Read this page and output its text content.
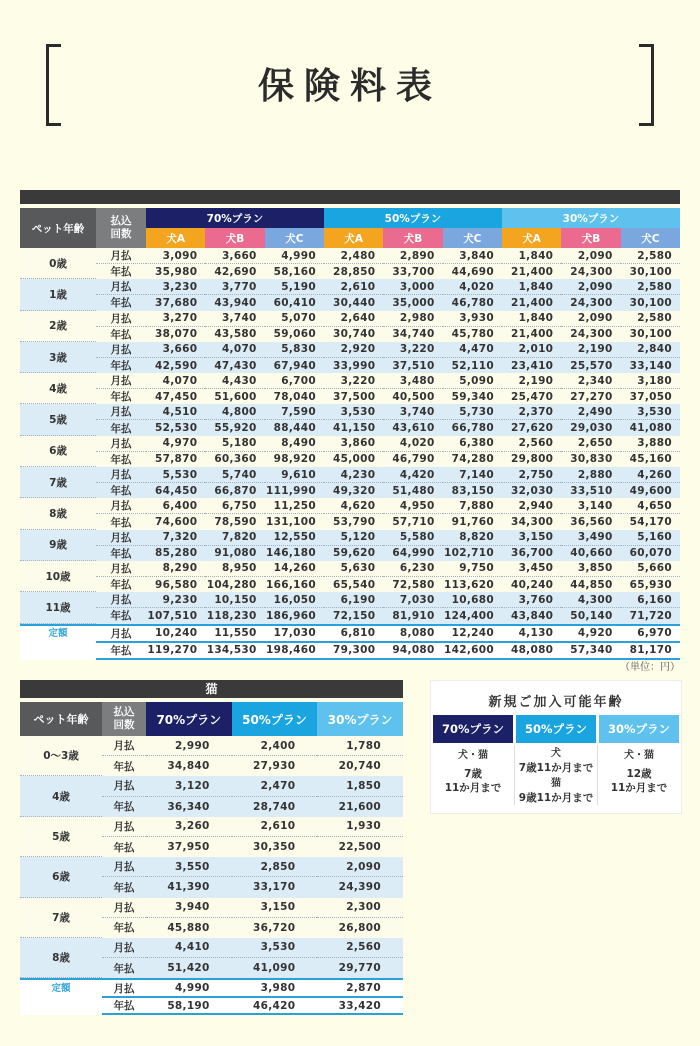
保険料表
ペット年齢	払込
回数	70%プラン			50%プラン			30%プラン		
		犬A	犬B	犬C	犬A	犬B	犬C	犬A	犬B	犬C
0歳	月払	3,090	3,660	4,990	2,480	2,890	3,840	1,840	2,090	2,580
	年払	35,980	42,690	58,160	28,850	33,700	44,690	21,400	24,300	30,100
1歳	月払	3,230	3,770	5,190	2,610	3,000	4,020	1,840	2,090	2,580
	年払	37,680	43,940	60,410	30,440	35,000	46,780	21,400	24,300	30,100
2歳	月払	3,270	3,740	5,070	2,640	2,980	3,930	1,840	2,090	2,580
	年払	38,070	43,580	59,060	30,740	34,740	45,780	21,400	24,300	30,100
3歳	月払	3,660	4,070	5,830	2,920	3,220	4,470	2,010	2,190	2,840
	年払	42,590	47,430	67,940	33,990	37,510	52,110	23,410	25,570	33,140
4歳	月払	4,070	4,430	6,700	3,220	3,480	5,090	2,190	2,340	3,180
	年払	47,450	51,600	78,040	37,500	40,500	59,340	25,470	27,270	37,050
5歳	月払	4,510	4,800	7,590	3,530	3,740	5,730	2,370	2,490	3,530
	年払	52,530	55,920	88,440	41,150	43,610	66,780	27,620	29,030	41,080
6歳	月払	4,970	5,180	8,490	3,860	4,020	6,380	2,560	2,650	3,880
	年払	57,870	60,360	98,920	45,000	46,790	74,280	29,800	30,830	45,160
7歳	月払	5,530	5,740	9,610	4,230	4,420	7,140	2,750	2,880	4,260
	年払	64,450	66,870	111,990	49,320	51,480	83,150	32,030	33,510	49,600
8歳	月払	6,400	6,750	11,250	4,620	4,950	7,880	2,940	3,140	4,650
	年払	74,600	78,590	131,100	53,790	57,710	91,760	34,300	36,560	54,170
9歳	月払	7,320	7,820	12,550	5,120	5,580	8,820	3,150	3,490	5,160
	年払	85,280	91,080	146,180	59,620	64,990	102,710	36,700	40,660	60,070
10歳	月払	8,290	8,950	14,260	5,630	6,230	9,750	3,450	3,850	5,660
	年払	96,580	104,280	166,160	65,540	72,580	113,620	40,240	44,850	65,930
11歳	月払	9,230	10,150	16,050	6,190	7,030	10,680	3,760	4,300	6,160
	年払	107,510	118,230	186,960	72,150	81,910	124,400	43,840	50,140	71,720
定額
12歳～終身	月払	10,240	11,550	17,030	6,810	8,080	12,240	4,130	4,920	6,970
	年払	119,270	134,530	198,460	79,300	94,080	142,600	48,080	57,340	81,170
（単位：円）
猫
ペット年齢	払込
回数	70%プラン	50%プラン	30%プラン
0～3歳	月払	2,990	2,400	1,780
	年払	34,840	27,930	20,740
4歳	月払	3,120	2,470	1,850
	年払	36,340	28,740	21,600
5歳	月払	3,260	2,610	1,930
	年払	37,950	30,350	22,500
6歳	月払	3,550	2,850	2,090
	年払	41,390	33,170	24,390
7歳	月払	3,940	3,150	2,300
	年払	45,880	36,720	26,800
8歳	月払	4,410	3,530	2,560
	年払	51,420	41,090	29,770
定額
9歳～終身	月払	4,990	3,980	2,870
	年払	58,190	46,420	33,420
新規ご加入可能年齢
70%プラン	50%プラン	30%プラン
犬・猫
7歳
11か月まで
犬
7歳11か月まで
猫
9歳11か月まで
犬・猫
12歳
11か月まで
